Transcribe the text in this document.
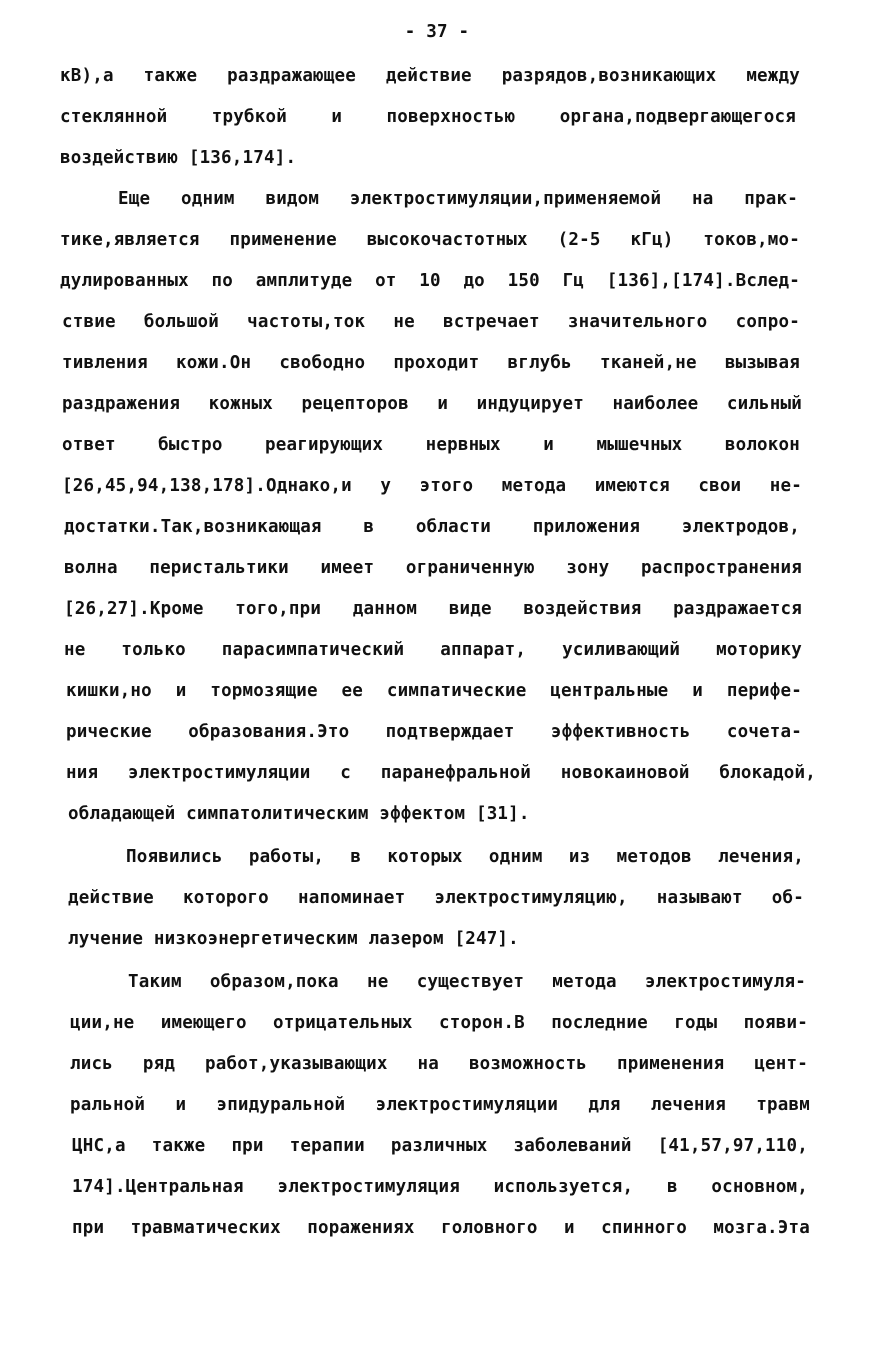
- 37 -
кВ),а также раздражающее действие разрядов,возникающих между
стеклянной трубкой и поверхностью органа,подвергающегося
воздействию [136,174].
Еще одним видом электростимуляции,применяемой на прак-
тике,является применение высокочастотных (2-5 кГц) токов,мо-
дулированных по амплитуде от 10 до 150 Гц [136],[174].Вслед-
ствие большой частоты,ток не встречает значительного сопро-
тивления кожи.Он свободно проходит вглубь тканей,не вызывая
раздражения кожных рецепторов и индуцирует наиболее сильный
ответ быстро реагирующих нервных и мышечных волокон
[26,45,94,138,178].Однако,и у этого метода имеются свои не-
достатки.Так,возникающая в области приложения электродов,
волна перистальтики имеет ограниченную зону распространения
[26,27].Кроме того,при данном виде воздействия раздражается
не только парасимпатический аппарат, усиливающий моторику
кишки,но и тормозящие ее симпатические центральные и перифе-
рические образования.Это подтверждает эффективность сочета-
ния электростимуляции с паранефральной новокаиновой блокадой,
обладающей симпатолитическим эффектом [31].
Появились работы, в которых одним из методов лечения,
действие которого напоминает электростимуляцию, называют об-
лучение низкоэнергетическим лазером [247].
Таким образом,пока не существует метода электростимуля-
ции,не имеющего отрицательных сторон.В последние годы появи-
лись ряд работ,указывающих на возможность применения цент-
ральной и эпидуральной электростимуляции для лечения травм
ЦНС,а также при терапии различных заболеваний [41,57,97,110,
174].Центральная электростимуляция используется, в основном,
при травматических поражениях головного и спинного мозга.Эта
